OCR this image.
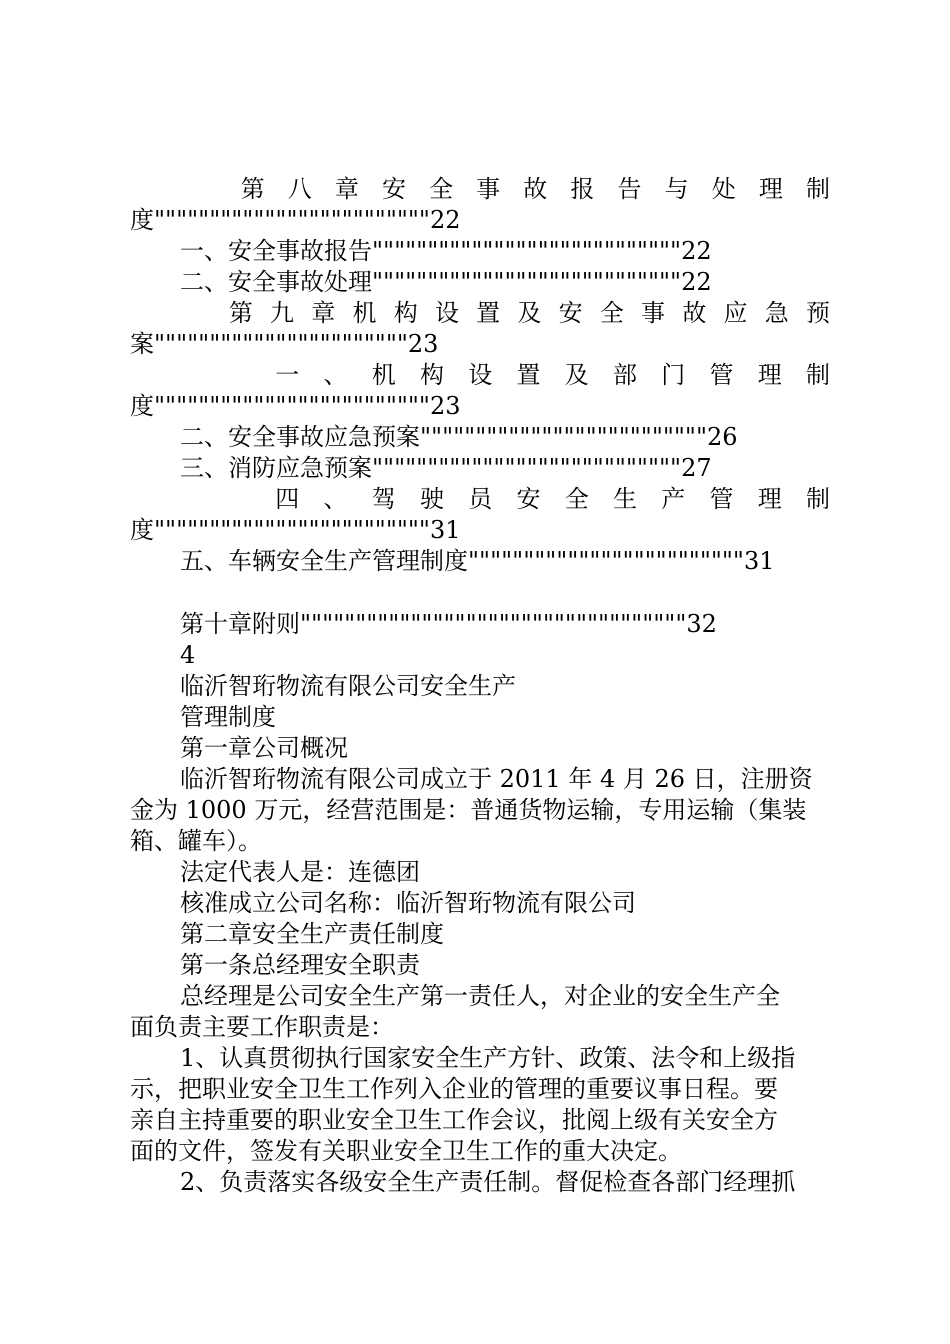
　　　 第 八 章 安 全 事 故 报 告 与 处 理 制
度"""""""""""""""""""""""""22
一、安全事故报告""""""""""""""""""""""""""""22
二、安全事故处理""""""""""""""""""""""""""""22
　　　 第 九 章 机 构 设 置 及 安 全 事 故 应 急 预
案"""""""""""""""""""""""23
　　　　 一 、 机 构 设 置 及 部 门 管 理 制
度"""""""""""""""""""""""""23
二、安全事故应急预案""""""""""""""""""""""""""26
三、消防应急预案""""""""""""""""""""""""""""27
　　　　 四 、 驾 驶 员 安 全 生 产 管 理 制
度"""""""""""""""""""""""""31
五、车辆安全生产管理制度"""""""""""""""""""""""""31
第十章附则"""""""""""""""""""""""""""""""""""32
4
临沂智珩物流有限公司安全生产
管理制度
第一章公司概况
临沂智珩物流有限公司成立于 2011 年 4 月 26 日，注册资
金为 1000 万元，经营范围是：普通货物运输，专用运输（集装
箱、罐车）。
法定代表人是：连德团
核准成立公司名称：临沂智珩物流有限公司
第二章安全生产责任制度
第一条总经理安全职责
总经理是公司安全生产第一责任人，对企业的安全生产全
面负责主要工作职责是：
1、认真贯彻执行国家安全生产方针、政策、法令和上级指
示，把职业安全卫生工作列入企业的管理的重要议事日程。要
亲自主持重要的职业安全卫生工作会议，批阅上级有关安全方
面的文件，签发有关职业安全卫生工作的重大决定。
2、负责落实各级安全生产责任制。督促检查各部门经理抓
